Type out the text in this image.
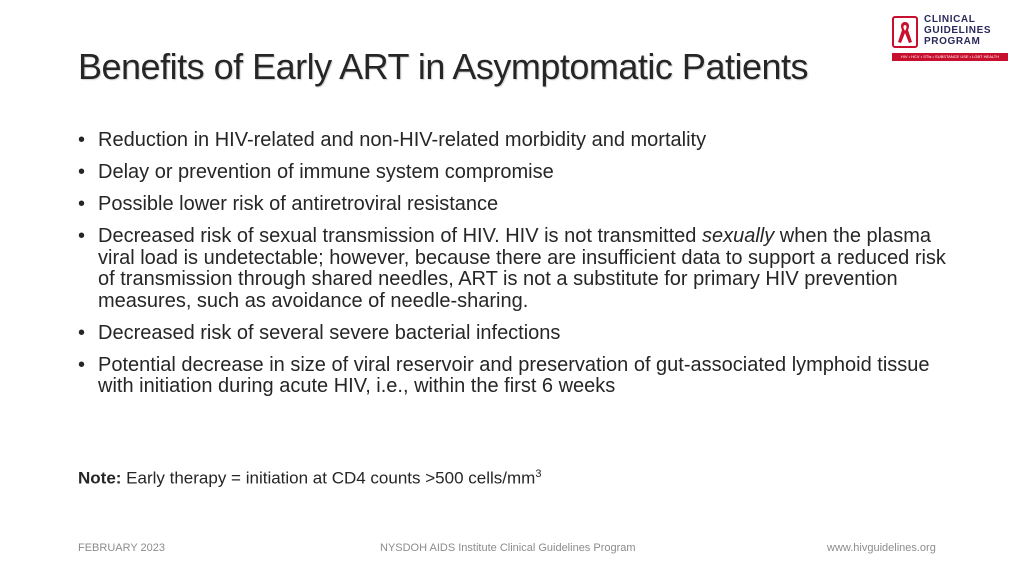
Benefits of Early ART in Asymptomatic Patients
CLINICAL
GUIDELINES
PROGRAM
HIV • HCV • STIs • SUBSTANCE USE • LGBT HEALTH
• Reduction in HIV-related and non-HIV-related morbidity and mortality
• Delay or prevention of immune system compromise
• Possible lower risk of antiretroviral resistance
• Decreased risk of sexual transmission of HIV. HIV is not transmitted sexually when the plasma viral load is undetectable; however, because there are insufficient data to support a reduced risk of transmission through shared needles, ART is not a substitute for primary HIV prevention measures, such as avoidance of needle-sharing.
• Decreased risk of several severe bacterial infections
• Potential decrease in size of viral reservoir and preservation of gut-associated lymphoid tissue with initiation during acute HIV, i.e., within the first 6 weeks
Note: Early therapy = initiation at CD4 counts >500 cells/$mm^3$
FEBRUARY 2023	NYSDOH AIDS Institute Clinical Guidelines Program	www.hivguidelines.org
